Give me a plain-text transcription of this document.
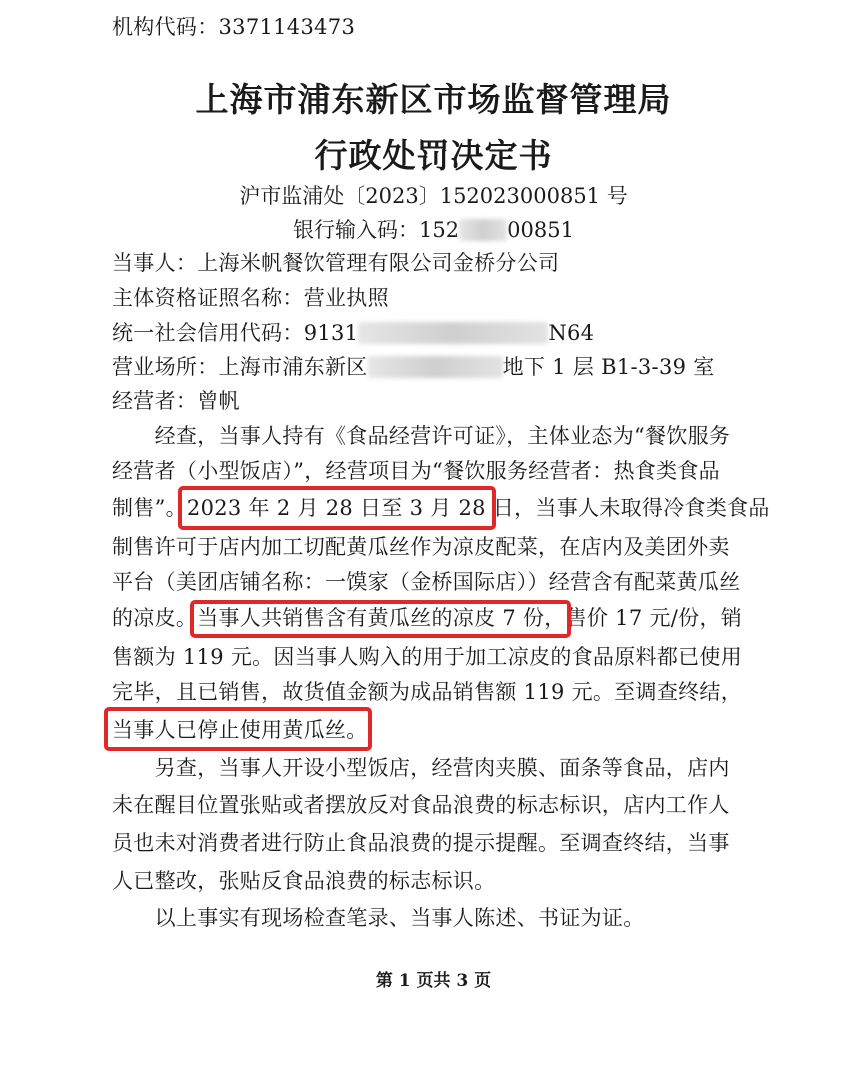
机构代码：3371143473
上海市浦东新区市场监督管理局
行政处罚决定书
沪市监浦处〔2023〕152023000851 号
银行输入码：152 00851
当事人：上海米帆餐饮管理有限公司金桥分公司
主体资格证照名称：营业执照
统一社会信用代码：9131	N64
营业场所：上海市浦东新区	地下 1 层 B1-3-39 室
经营者：曾帆
　　经查，当事人持有《食品经营许可证》，主体业态为“餐饮服务
经营者（小型饭店）”，经营项目为“餐饮服务经营者：热食类食品
制售”。2023 年 2 月 28 日至 3 月 28 日，当事人未取得冷食类食品
制售许可于店内加工切配黄瓜丝作为凉皮配菜，在店内及美团外卖
平台（美团店铺名称：一馍家（金桥国际店））经营含有配菜黄瓜丝
的凉皮。当事人共销售含有黄瓜丝的凉皮 7 份，售价 17 元/份，销
售额为 119 元。因当事人购入的用于加工凉皮的食品原料都已使用
完毕，且已销售，故货值金额为成品销售额 119 元。至调查终结，
当事人已停止使用黄瓜丝。
　　另查，当事人开设小型饭店，经营肉夹膜、面条等食品，店内
未在醒目位置张贴或者摆放反对食品浪费的标志标识，店内工作人
员也未对消费者进行防止食品浪费的提示提醒。至调查终结，当事
人已整改，张贴反食品浪费的标志标识。
　　以上事实有现场检查笔录、当事人陈述、书证为证。
第 1 页共 3 页
